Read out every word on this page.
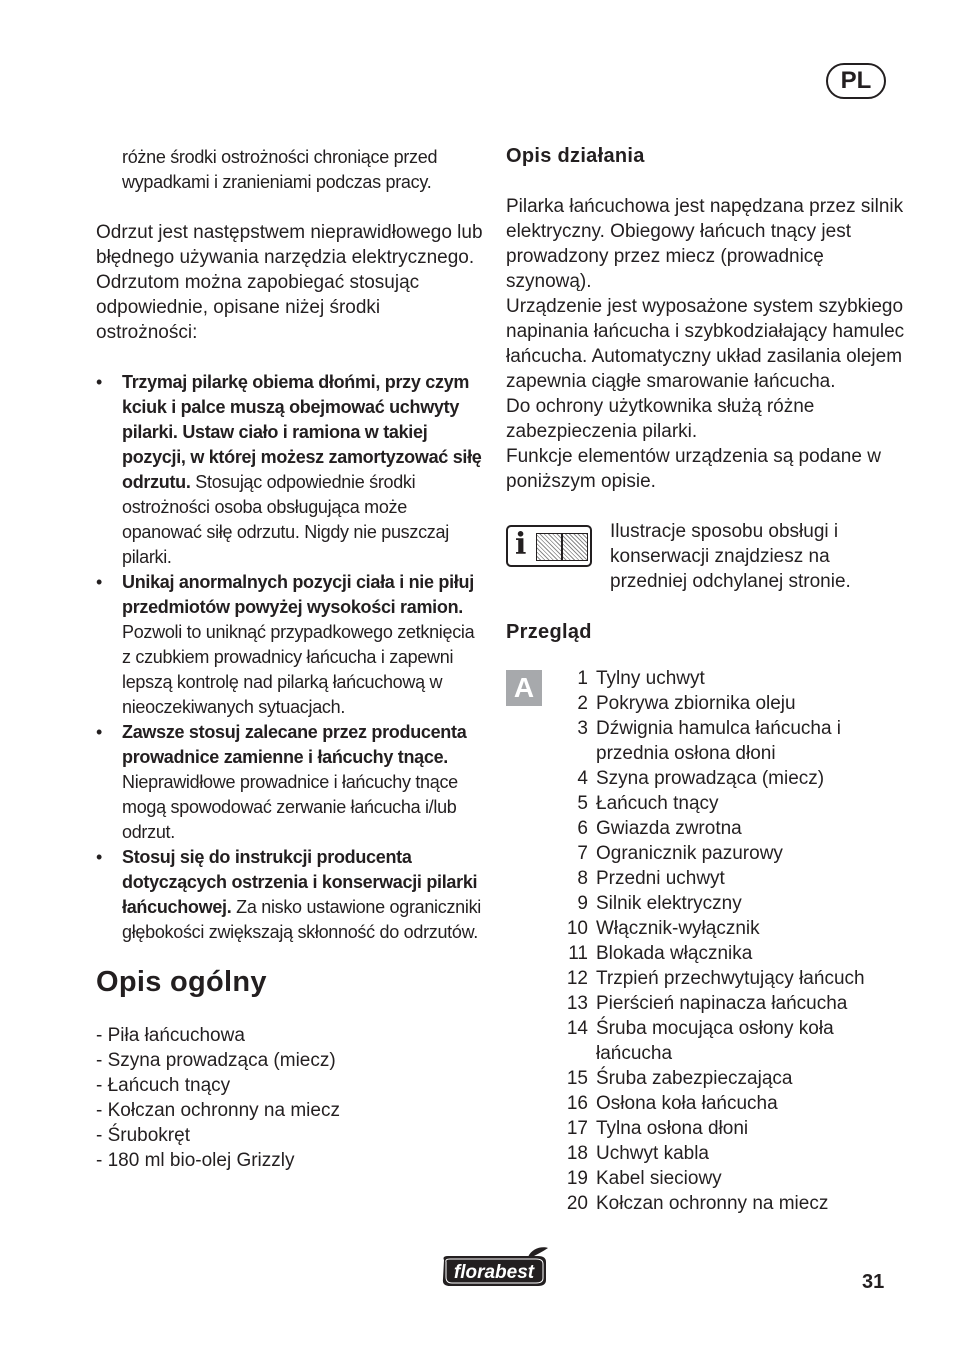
PL

różne środki ostrożności chroniące przed wypadkami i zranieniami podczas pracy.

Odrzut jest następstwem nieprawidłowego lub błędnego używania narzędzia elektrycznego. Odrzutom można zapobiegać stosując odpowiednie, opisane niżej środki ostrożności:

• Trzymaj pilarkę obiema dłońmi, przy czym kciuk i palce muszą obejmować uchwyty pilarki. Ustaw ciało i ramiona w takiej pozycji, w której możesz zamortyzować siłę odrzutu. Stosując odpowiednie środki ostrożności osoba obsługująca może opanować siłę odrzutu. Nigdy nie puszczaj pilarki.
• Unikaj anormalnych pozycji ciała i nie piłuj przedmiotów powyżej wysokości ramion. Pozwoli to uniknąć przypadkowego zetknięcia z czubkiem prowadnicy łańcucha i zapewni lepszą kontrolę nad pilarką łańcuchową w nieoczekiwanych sytuacjach.
• Zawsze stosuj zalecane przez producenta prowadnice zamienne i łańcuchy tnące. Nieprawidłowe prowadnice i łańcuchy tnące mogą spowodować zerwanie łańcucha i/lub odrzut.
• Stosuj się do instrukcji producenta dotyczących ostrzenia i konserwacji pilarki łańcuchowej. Za nisko ustawione ograniczniki głębokości zwiększają skłonność do odrzutów.
Opis ogólny
- Piła łańcuchowa
- Szyna prowadząca (miecz)
- Łańcuch tnący
- Kołczan ochronny na miecz
- Śrubokręt
- 180 ml bio-olej Grizzly
Opis działania

Pilarka łańcuchowa jest napędzana przez silnik elektryczny. Obiegowy łańcuch tnący jest prowadzony przez miecz (prowadnicę szynową).

Urządzenie jest wyposażone system szybkiego napinania łańcucha i szybkodziałający hamulec łańcucha. Automatyczny układ zasilania olejem zapewnia ciągłe smarowanie łańcucha.

Do ochrony użytkownika służą różne zabezpieczenia pilarki.

Funkcje elementów urządzenia są podane w poniższym opisie.

i	Ilustracje sposobu obsługi i konserwacji znajdziesz na przedniej odchylanej stronie.

Przegląd
A	1 Tylny uchwyt
2 Pokrywa zbiornika oleju
3 Dźwignia hamulca łańcucha i przednia osłona dłoni
4 Szyna prowadząca (miecz)
5 Łańcuch tnący
6 Gwiazda zwrotna
7 Ogranicznik pazurowy
8 Przedni uchwyt
9 Silnik elektryczny
10 Włącznik-wyłącznik
11 Blokada włącznika
12 Trzpień przechwytujący łańcuch
13 Pierścień napinacza łańcucha
14 Śruba mocująca osłony koła łańcucha
15 Śruba zabezpieczająca
16 Osłona koła łańcucha
17 Tylna osłona dłoni
18 Uchwyt kabla
19 Kabel sieciowy
20 Kołczan ochronny na miecz
florabest	31
